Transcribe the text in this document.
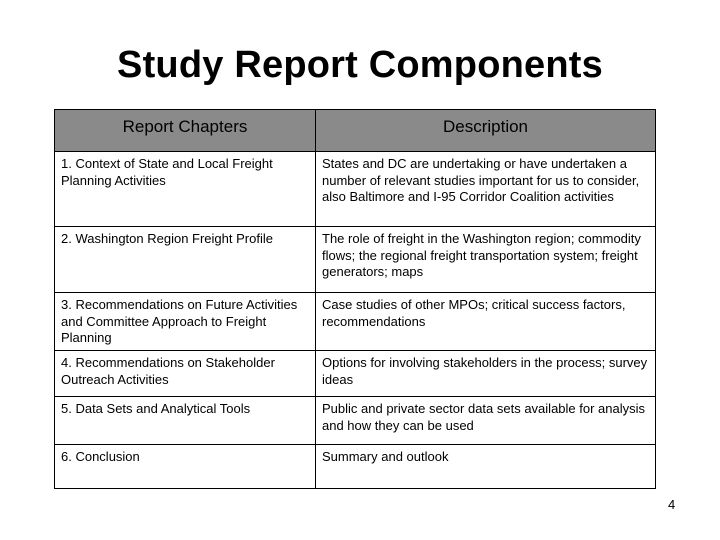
Study Report Components
Report Chapters	Description
1. Context of State and Local Freight Planning Activities	States and DC are undertaking or have undertaken a number of relevant studies important for us to consider, also Baltimore and I-95 Corridor Coalition activities
2. Washington Region Freight Profile	The role of freight in the Washington region; commodity flows; the regional freight transportation system; freight generators; maps
3. Recommendations on Future Activities and Committee Approach to Freight Planning	Case studies of other MPOs; critical success factors, recommendations
4. Recommendations on Stakeholder Outreach Activities	Options for involving stakeholders in the process; survey ideas
5. Data Sets and Analytical Tools	Public and private sector data sets available for analysis and how they can be used
6. Conclusion	Summary and outlook
4
